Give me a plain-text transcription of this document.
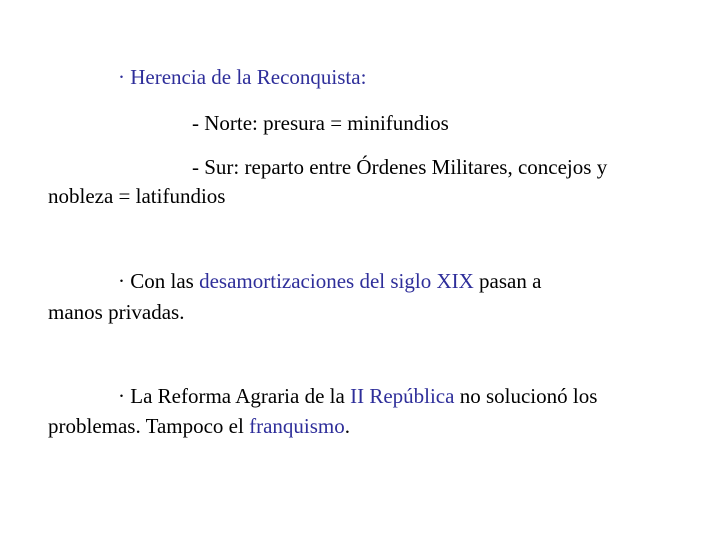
· Herencia de la Reconquista:
- Norte: presura = minifundios
- Sur: reparto entre Órdenes Militares, concejos y
nobleza = latifundios
· Con las desamortizaciones del siglo XIX pasan a
manos privadas.
· La Reforma Agraria de la II República no solucionó los
problemas. Tampoco el franquismo.
